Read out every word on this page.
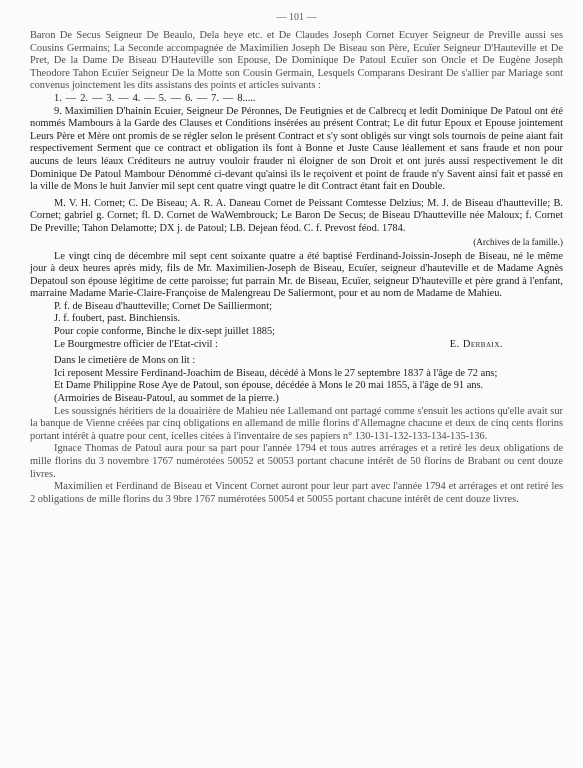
— 101 —

Baron De Secus Seigneur De Beaulo, Dela heye etc. et De Claudes Joseph Cornet Ecuyer Seigneur de Preville aussi ses Cousins Germains; La Seconde accompagnée de Maximilien Joseph De Biseau son Père, Ecuïer Seigneur D'Hauteville et De Pret, De la Dame De Biseau D'Hauteville son Epouse, De Dominique De Patoul Ecuïer son Oncle et De Eugène Joseph Theodore Tahon Ecuïer Seigneur De la Motte son Cousin Germain, Lesquels Comparans Desirant De s'allier par Mariage sont convenus joinctement les dits assistans des points et articles suivants :

1. — 2. — 3. — 4. — 5. — 6. — 7. — 8.....

9. Maximilien D'hainin Ecuier, Seigneur De Péronnes, De Feutignies et de Calbrecq et ledit Dominique De Patoul ont été nommés Mambours à la Garde des Clauses et Conditions insérées au présent Contrat; Le dit futur Epoux et Epouse jointement Leurs Père et Mère ont promis de se régler selon le présent Contract et s'y sont obligés sur vingt sols tournois de peine aiant fait respectivement Serment que ce contract et obligation ils font à Bonne et Juste Cause léallement et sans fraude et non pour aucuns de leurs léaux Créditeurs ne autruy vouloir frauder ni éloigner de son Droit et ont jurés aussi respectivement le dit Dominique De Patoul Mambour Dénommé ci-devant qu'ainsi ils le reçoivent et point de fraude n'y Savent ainsi fait et passé en la ville de Mons le huit Janvier mil sept cent quatre vingt quatre le dit Contract étant fait en Double.

M. V. H. Cornet; C. De Biseau; A. R. A. Daneau Cornet de Peissant Comtesse Delzius; M. J. de Biseau d'hautteville; B. Cornet; gabriel g. Cornet; fl. D. Cornet de WaWembrouck; Le Baron De Secus; de Biseau D'hautteville née Maloux; f. Cornet De Preville; Tahon Delamotte; DX j. de Patoul; LB. Dejean féod. C. f. Prevost féod. 1784.

(Archives de la famille.)

Le vingt cinq de décembre mil sept cent soixante quatre a été baptisé Ferdinand-Joissin-Joseph de Biseau, né le même jour à deux heures après midy, fils de Mr. Maximilien-Joseph de Biseau, Ecuïer, seigneur d'hauteville et de Madame Agnès Depatoul son épouse légitime de cette paroisse; fut parrain Mr. de Biseau, Ecuïer, seigneur D'hauteville et père grand à l'enfant, marraine Madame Marie-Claire-Françoise de Malengreau De Saliermont, pour et au nom de Madame de Mahieu.

P. f. de Biseau d'hautteville; Cornet De Sailliermont;
J. f. foubert, past. Binchiensis.
Pour copie conforme, Binche le dix-sept juillet 1885;
Le Bourgmestre officier de l'Etat-civil :	E. Derbaix.
Dans le cimetière de Mons on lit :

Ici reposent Messire Ferdinand-Joachim de Biseau, décédé à Mons le 27 septembre 1837 à l'âge de 72 ans;

Et Dame Philippine Rose Aye de Patoul, son épouse, décédée à Mons le 20 mai 1855, à l'âge de 91 ans.

(Armoiries de Biseau-Patoul, au sommet de la pierre.)

Les soussignés héritiers de la douairière de Mahieu née Lallemand ont partagé comme s'ensuit les actions qu'elle avait sur la banque de Vienne créées par cinq obligations en allemand de mille florins d'Allemagne chacune et deux de cinq cents florins portant intérêt à quatre pour cent, icelles citées à l'inventaire de ses papiers n° 130-131-132-133-134-135-136.

Ignace Thomas de Patoul aura pour sa part pour l'année 1794 et tous autres arrérages et a retiré les deux obligations de mille florins du 3 novembre 1767 numérotées 50052 et 50053 portant chacune intérêt de 50 florins de Brabant ou cent douze livres.

Maximilien et Ferdinand de Biseau et Vincent Cornet auront pour leur part avec l'année 1794 et arrérages et ont retiré les 2 obligations de mille florins du 3 9bre 1767 numérotées 50054 et 50055 portant chacune intérêt de cent douze livres.
